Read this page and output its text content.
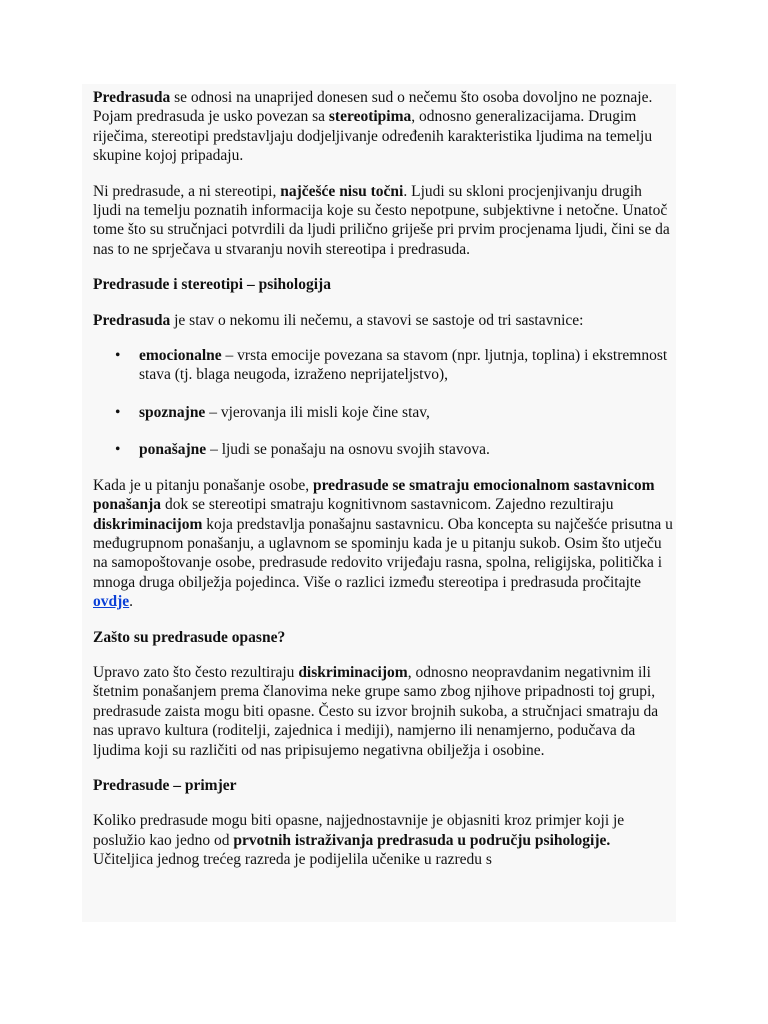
Predrasuda se odnosi na unaprijed donesen sud o nečemu što osoba dovoljno ne poznaje. Pojam predrasuda je usko povezan sa stereotipima, odnosno generalizacijama. Drugim riječima, stereotipi predstavljaju dodjeljivanje određenih karakteristika ljudima na temelju skupine kojoj pripadaju.

Ni predrasude, a ni stereotipi, najčešće nisu točni. Ljudi su skloni procjenjivanju drugih ljudi na temelju poznatih informacija koje su često nepotpune, subjektivne i netočne. Unatoč tome što su stručnjaci potvrdili da ljudi prilično griješe pri prvim procjenama ljudi, čini se da nas to ne sprječava u stvaranju novih stereotipa i predrasuda.

Predrasude i stereotipi – psihologija

Predrasuda je stav o nekomu ili nečemu, a stavovi se sastoje od tri sastavnice:

• emocionalne – vrsta emocije povezana sa stavom (npr. ljutnja, toplina) i ekstremnost stava (tj. blaga neugoda, izraženo neprijateljstvo),
• spoznajne – vjerovanja ili misli koje čine stav,
• ponašajne – ljudi se ponašaju na osnovu svojih stavova.

Kada je u pitanju ponašanje osobe, predrasude se smatraju emocionalnom sastavnicom ponašanja dok se stereotipi smatraju kognitivnom sastavnicom. Zajedno rezultiraju diskriminacijom koja predstavlja ponašajnu sastavnicu. Oba koncepta su najčešće prisutna u međugrupnom ponašanju, a uglavnom se spominju kada je u pitanju sukob. Osim što utječu na samopoštovanje osobe, predrasude redovito vrijeđaju rasna, spolna, religijska, politička i mnoga druga obilježja pojedinca. Više o razlici između stereotipa i predrasuda pročitajte ovdje.

Zašto su predrasude opasne?

Upravo zato što često rezultiraju diskriminacijom, odnosno neopravdanim negativnim ili štetnim ponašanjem prema članovima neke grupe samo zbog njihove pripadnosti toj grupi, predrasude zaista mogu biti opasne. Često su izvor brojnih sukoba, a stručnjaci smatraju da nas upravo kultura (roditelji, zajednica i mediji), namjerno ili nenamjerno, podučava da ljudima koji su različiti od nas pripisujemo negativna obilježja i osobine.

Predrasude – primjer

Koliko predrasude mogu biti opasne, najjednostavnije je objasniti kroz primjer koji je poslužio kao jedno od prvotnih istraživanja predrasuda u području psihologije. Učiteljica jednog trećeg razreda je podijelila učenike u razredu s
